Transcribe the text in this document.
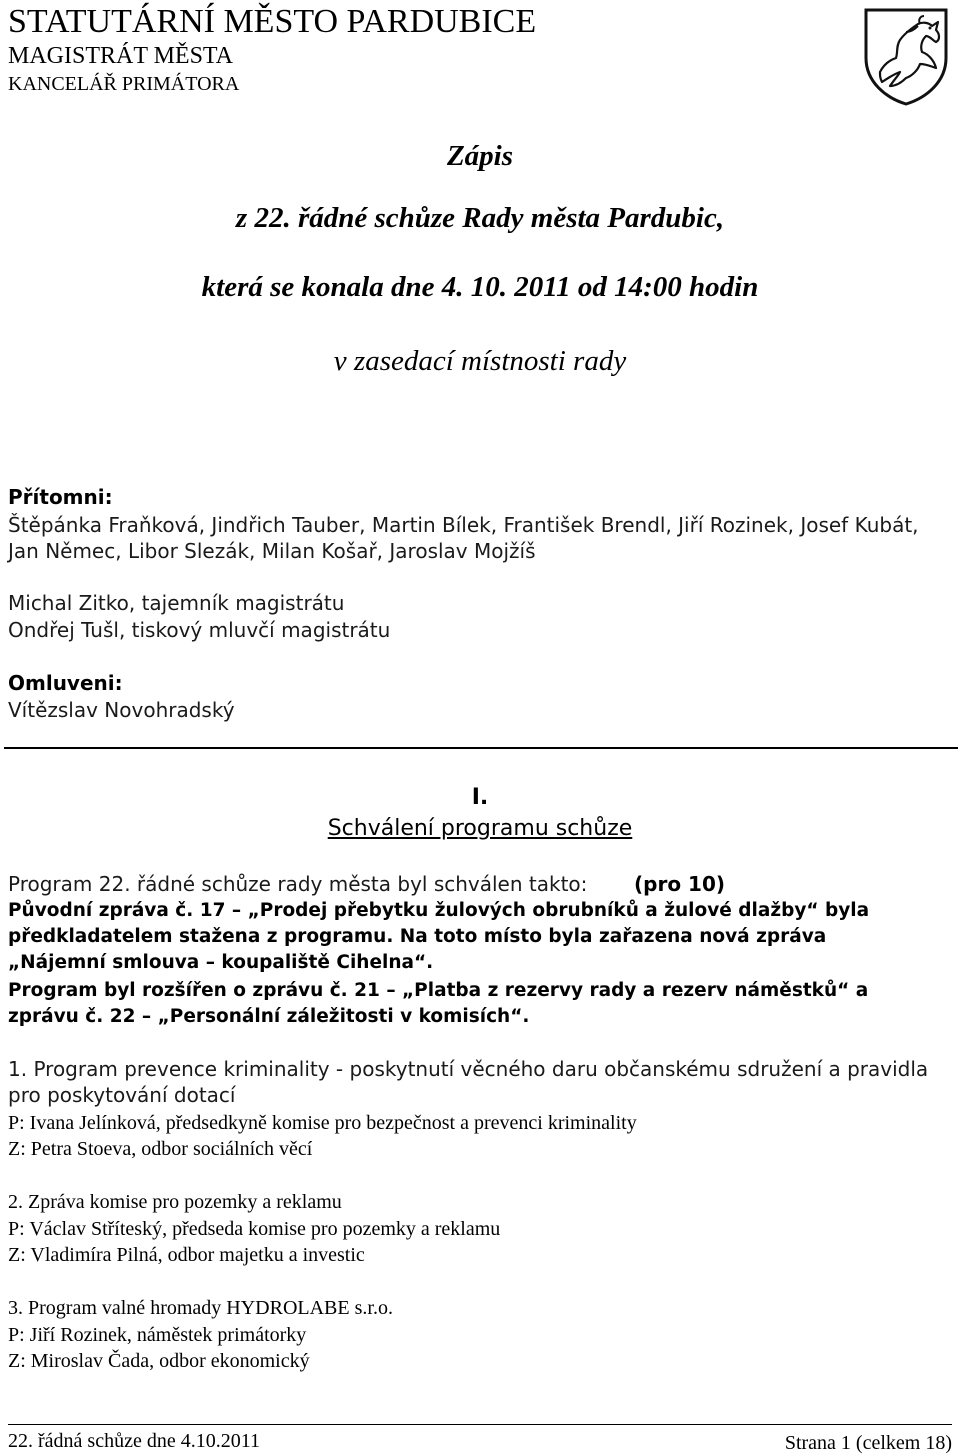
STATUTÁRNÍ MĚSTO PARDUBICE
MAGISTRÁT MĚSTA
KANCELÁŘ PRIMÁTORA
Zápis
z 22. řádné schůze Rady města Pardubic,
která se konala dne 4. 10. 2011 od 14:00 hodin
v zasedací místnosti rady
Přítomni:
Štěpánka Fraňková, Jindřich Tauber, Martin Bílek, František Brendl, Jiří Rozinek, Josef Kubát, Jan Němec, Libor Slezák, Milan Košař, Jaroslav Mojžíš
Michal Zitko, tajemník magistrátu
Ondřej Tušl, tiskový mluvčí magistrátu
Omluveni:
Vítězslav Novohradský
I.
Schválení programu schůze
Program 22. řádné schůze rady města byl schválen takto: (pro 10)
Původní zpráva č. 17 – „Prodej přebytku žulových obrubníků a žulové dlažby“ byla předkladatelem stažena z programu. Na toto místo byla zařazena nová zpráva „Nájemní smlouva – koupaliště Cihelna“.
Program byl rozšířen o zprávu č. 21 – „Platba z rezervy rady a rezerv náměstků“ a zprávu č. 22 – „Personální záležitosti v komisích“.
1. Program prevence kriminality - poskytnutí věcného daru občanskému sdružení a pravidla pro poskytování dotací
P: Ivana Jelínková, předsedkyně komise pro bezpečnost a prevenci kriminality
Z: Petra Stoeva, odbor sociálních věcí
2. Zpráva komise pro pozemky a reklamu
P: Václav Stříteský, předseda komise pro pozemky a reklamu
Z: Vladimíra Pilná, odbor majetku a investic
3. Program valné hromady HYDROLABE s.r.o.
P: Jiří Rozinek, náměstek primátorky
Z: Miroslav Čada, odbor ekonomický
22. řádná schůze dne 4.10.2011	Strana 1 (celkem 18)
